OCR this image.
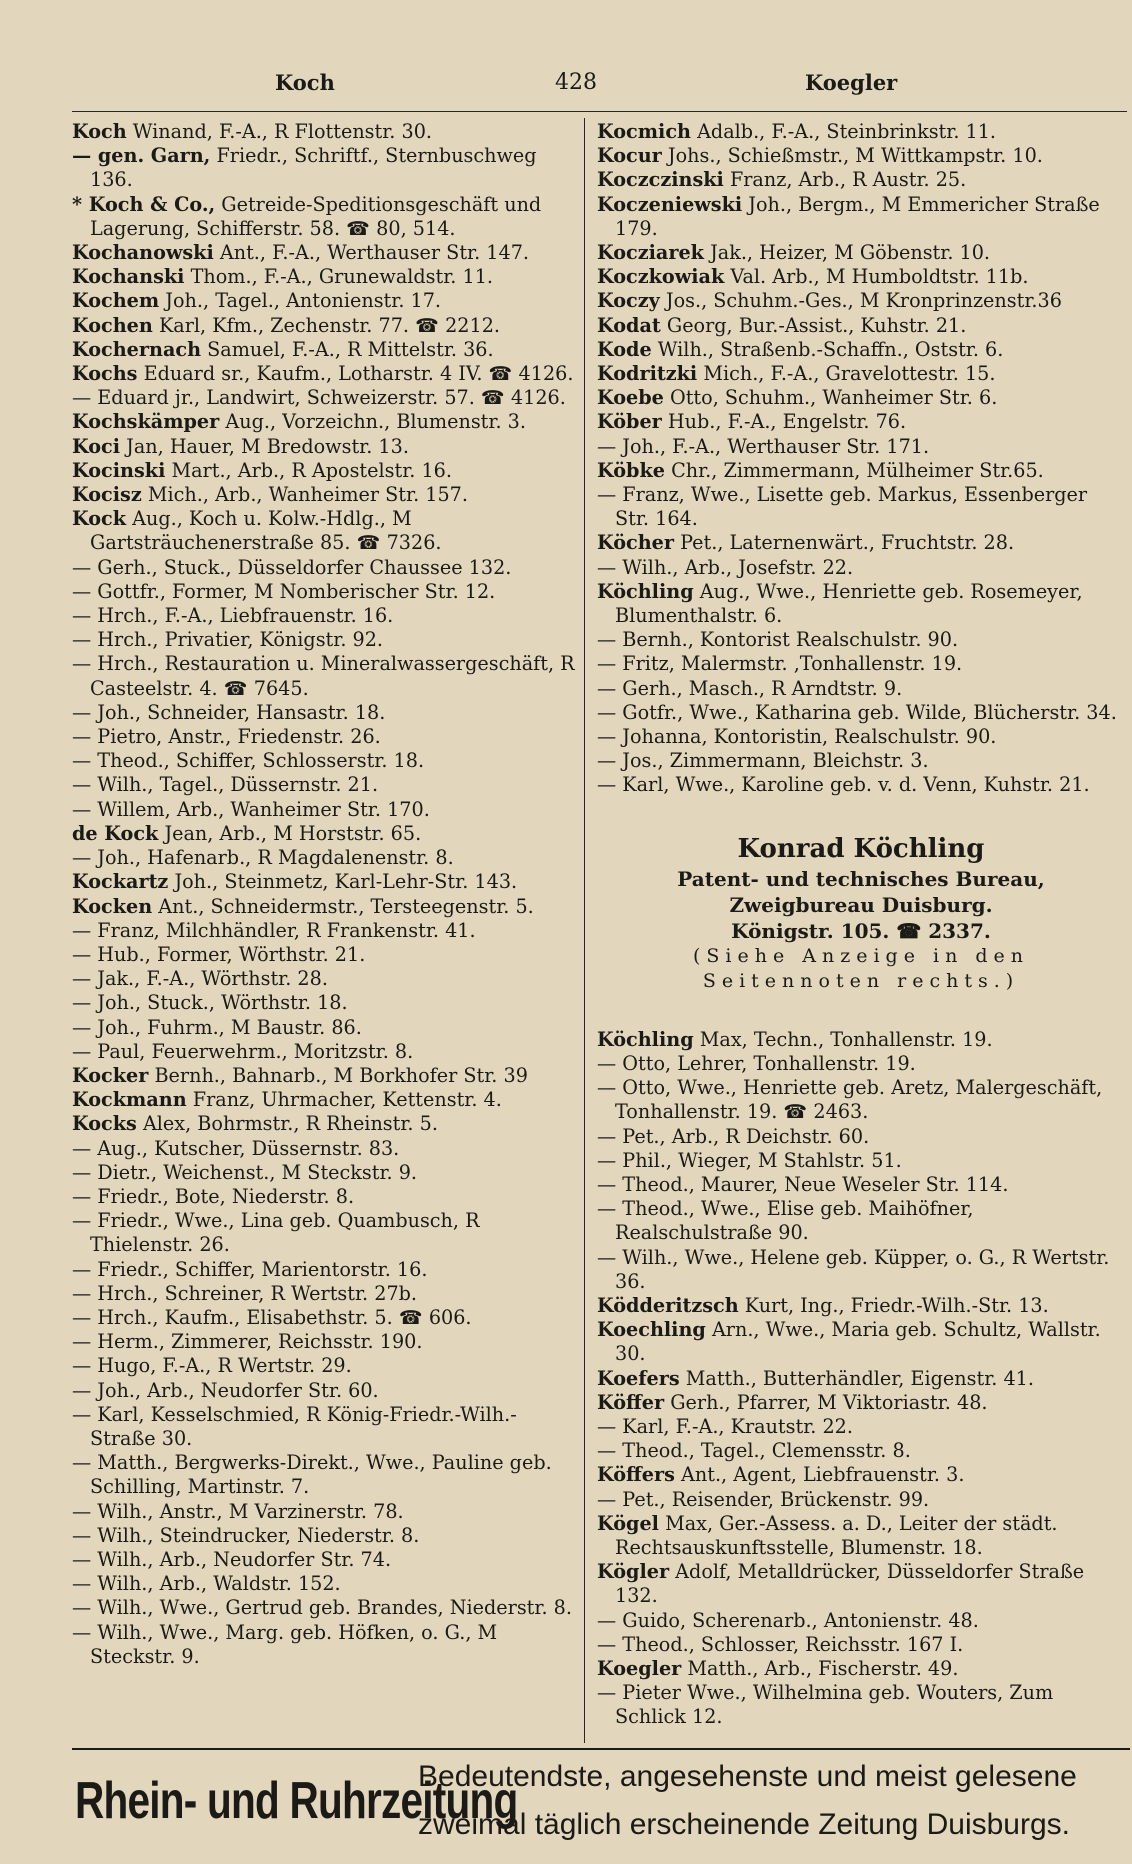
Koch	428	Koegler
Koch Winand, F.-A., R Flottenstr. 30.
— gen. Garn, Friedr., Schriftf., Sternbuschweg 136.
* Koch & Co., Getreide-Speditionsgeschäft und Lagerung, Schifferstr. 58. ☎ 80, 514.
Kochanowski Ant., F.-A., Werthauser Str. 147.
Kochanski Thom., F.-A., Grunewaldstr. 11.
Kochem Joh., Tagel., Antonienstr. 17.
Kochen Karl, Kfm., Zechenstr. 77. ☎ 2212.
Kochernach Samuel, F.-A., R Mittelstr. 36.
Kochs Eduard sr., Kaufm., Lotharstr. 4 IV. ☎ 4126.
— Eduard jr., Landwirt, Schweizerstr. 57. ☎ 4126.
Kochskämper Aug., Vorzeichn., Blumenstr. 3.
Koci Jan, Hauer, M Bredowstr. 13.
Kocinski Mart., Arb., R Apostelstr. 16.
Kocisz Mich., Arb., Wanheimer Str. 157.
Kock Aug., Koch u. Kolw.-Hdlg., M Gartsträuchenerstraße 85. ☎ 7326.
— Gerh., Stuck., Düsseldorfer Chaussee 132.
— Gottfr., Former, M Nomberischer Str. 12.
— Hrch., F.-A., Liebfrauenstr. 16.
— Hrch., Privatier, Königstr. 92.
— Hrch., Restauration u. Mineralwassergeschäft, R Casteelstr. 4. ☎ 7645.
— Joh., Schneider, Hansastr. 18.
— Pietro, Anstr., Friedenstr. 26.
— Theod., Schiffer, Schlosserstr. 18.
— Wilh., Tagel., Düssernstr. 21.
— Willem, Arb., Wanheimer Str. 170.
de Kock Jean, Arb., M Horststr. 65.
— Joh., Hafenarb., R Magdalenenstr. 8.
Kockartz Joh., Steinmetz, Karl-Lehr-Str. 143.
Kocken Ant., Schneidermstr., Tersteegenstr. 5.
— Franz, Milchhändler, R Frankenstr. 41.
— Hub., Former, Wörthstr. 21.
— Jak., F.-A., Wörthstr. 28.
— Joh., Stuck., Wörthstr. 18.
— Joh., Fuhrm., M Baustr. 86.
— Paul, Feuerwehrm., Moritzstr. 8.
Kocker Bernh., Bahnarb., M Borkhofer Str. 39
Kockmann Franz, Uhrmacher, Kettenstr. 4.
Kocks Alex, Bohrmstr., R Rheinstr. 5.
— Aug., Kutscher, Düssernstr. 83.
— Dietr., Weichenst., M Steckstr. 9.
— Friedr., Bote, Niederstr. 8.
— Friedr., Wwe., Lina geb. Quambusch, R Thielenstr. 26.
— Friedr., Schiffer, Marientorstr. 16.
— Hrch., Schreiner, R Wertstr. 27b.
— Hrch., Kaufm., Elisabethstr. 5. ☎ 606.
— Herm., Zimmerer, Reichsstr. 190.
— Hugo, F.-A., R Wertstr. 29.
— Joh., Arb., Neudorfer Str. 60.
— Karl, Kesselschmied, R König-Friedr.-Wilh.-Straße 30.
— Matth., Bergwerks-Direkt., Wwe., Pauline geb. Schilling, Martinstr. 7.
— Wilh., Anstr., M Varzinerstr. 78.
— Wilh., Steindrucker, Niederstr. 8.
— Wilh., Arb., Neudorfer Str. 74.
— Wilh., Arb., Waldstr. 152.
— Wilh., Wwe., Gertrud geb. Brandes, Niederstr. 8.
— Wilh., Wwe., Marg. geb. Höfken, o. G., M Steckstr. 9.
Kocmich Adalb., F.-A., Steinbrinkstr. 11.
Kocur Johs., Schießmstr., M Wittkampstr. 10.
Koczczinski Franz, Arb., R Austr. 25.
Koczeniewski Joh., Bergm., M Emmericher Straße 179.
Kocziarek Jak., Heizer, M Göbenstr. 10.
Koczkowiak Val. Arb., M Humboldtstr. 11b.
Koczy Jos., Schuhm.-Ges., M Kronprinzenstr.36
Kodat Georg, Bur.-Assist., Kuhstr. 21.
Kode Wilh., Straßenb.-Schaffn., Oststr. 6.
Kodritzki Mich., F.-A., Gravelottestr. 15.
Koebe Otto, Schuhm., Wanheimer Str. 6.
Köber Hub., F.-A., Engelstr. 76.
— Joh., F.-A., Werthauser Str. 171.
Köbke Chr., Zimmermann, Mülheimer Str.65.
— Franz, Wwe., Lisette geb. Markus, Essenberger Str. 164.
Köcher Pet., Laternenwärt., Fruchtstr. 28.
— Wilh., Arb., Josefstr. 22.
Köchling Aug., Wwe., Henriette geb. Rosemeyer, Blumenthalstr. 6.
— Bernh., Kontorist Realschulstr. 90.
— Fritz, Malermstr. ,Tonhallenstr. 19.
— Gerh., Masch., R Arndtstr. 9.
— Gotfr., Wwe., Katharina geb. Wilde, Blücherstr. 34.
— Johanna, Kontoristin, Realschulstr. 90.
— Jos., Zimmermann, Bleichstr. 3.
— Karl, Wwe., Karoline geb. v. d. Venn, Kuhstr. 21.
Konrad Köchling
Patent- und technisches Bureau,
Zweigbureau Duisburg.
Königstr. 105. ☎ 2337.
(Siehe Anzeige in den Seitennoten rechts.)
Köchling Max, Techn., Tonhallenstr. 19.
— Otto, Lehrer, Tonhallenstr. 19.
— Otto, Wwe., Henriette geb. Aretz, Malergeschäft, Tonhallenstr. 19. ☎ 2463.
— Pet., Arb., R Deichstr. 60.
— Phil., Wieger, M Stahlstr. 51.
— Theod., Maurer, Neue Weseler Str. 114.
— Theod., Wwe., Elise geb. Maihöfner, Realschulstraße 90.
— Wilh., Wwe., Helene geb. Küpper, o. G., R Wertstr. 36.
Ködderitzsch Kurt, Ing., Friedr.-Wilh.-Str. 13.
Koechling Arn., Wwe., Maria geb. Schultz, Wallstr. 30.
Koefers Matth., Butterhändler, Eigenstr. 41.
Köffer Gerh., Pfarrer, M Viktoriastr. 48.
— Karl, F.-A., Krautstr. 22.
— Theod., Tagel., Clemensstr. 8.
Köffers Ant., Agent, Liebfrauenstr. 3.
— Pet., Reisender, Brückenstr. 99.
Kögel Max, Ger.-Assess. a. D., Leiter der städt. Rechtsauskunftsstelle, Blumenstr. 18.
Kögler Adolf, Metalldrücker, Düsseldorfer Straße 132.
— Guido, Scherenarb., Antonienstr. 48.
— Theod., Schlosser, Reichsstr. 167 I.
Koegler Matth., Arb., Fischerstr. 49.
— Pieter Wwe., Wilhelmina geb. Wouters, Zum Schlick 12.
Rhein- und Ruhrzeitung
Bedeutendste, angesehenste und meist gelesene
zweimal täglich erscheinende Zeitung Duisburgs.
